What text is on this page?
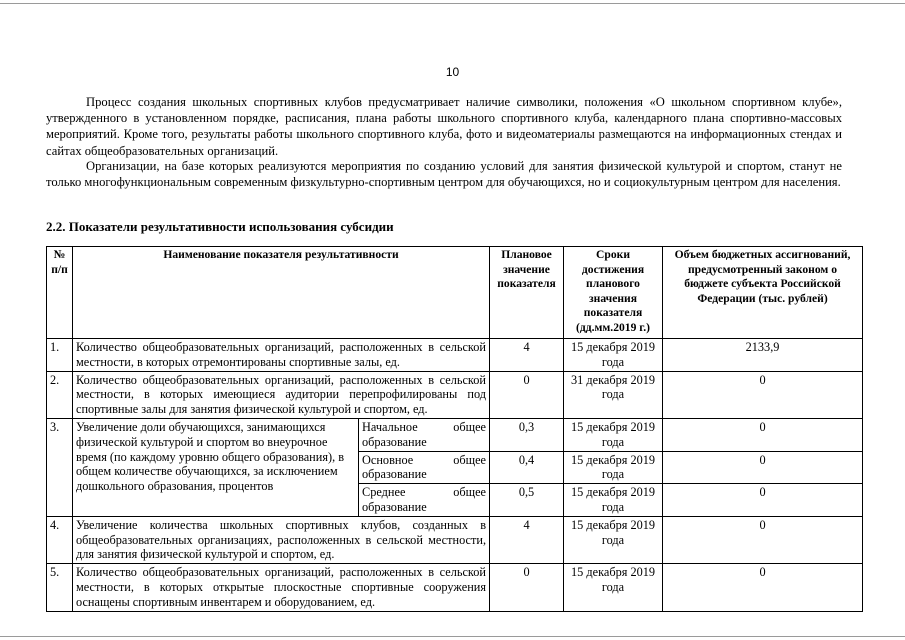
10

Процесс создания школьных спортивных клубов предусматривает наличие символики, положения «О школьном спортивном клубе», утвержденного в установленном порядке, расписания, плана работы школьного спортивного клуба, календарного плана спортивно-массовых мероприятий. Кроме того, результаты работы школьного спортивного клуба, фото и видеоматериалы размещаются на информационных стендах и сайтах общеобразовательных организаций.

Организации, на базе которых реализуются мероприятия по созданию условий для занятия физической культурой и спортом, станут не только многофункциональным современным физкультурно-спортивным центром для обучающихся, но и социокультурным центром для населения.

2.2. Показатели результативности использования субсидии
№ п/п	Наименование показателя результативности		Плановое значение показателя	Сроки достижения планового значения показателя (дд.мм.2019 г.)	Объем бюджетных ассигнований, предусмотренный законом о бюджете субъекта Российской Федерации (тыс. рублей)
1.	Количество общеобразовательных организаций, расположенных в сельской местности, в которых отремонтированы спортивные залы, ед.		4	15 декабря 2019 года	2133,9
2.	Количество общеобразовательных организаций, расположенных в сельской местности, в которых имеющиеся аудитории перепрофилированы под спортивные залы для занятия физической культурой и спортом, ед.		0	31 декабря 2019 года	0
3.	Увеличение доли обучающихся, занимающихся физической культурой и спортом во внеурочное время (по каждому уровню общего образования), в общем количестве обучающихся, за исключением дошкольного образования, процентов	Начальное общее образование	0,3	15 декабря 2019 года	0
		Основное общее образование	0,4	15 декабря 2019 года	0
		Среднее общее образование	0,5	15 декабря 2019 года	0
4.	Увеличение количества школьных спортивных клубов, созданных в общеобразовательных организациях, расположенных в сельской местности, для занятия физической культурой и спортом, ед.		4	15 декабря 2019 года	0
5.	Количество общеобразовательных организаций, расположенных в сельской местности, в которых открытые плоскостные спортивные сооружения оснащены спортивным инвентарем и оборудованием, ед.		0	15 декабря 2019 года	0
